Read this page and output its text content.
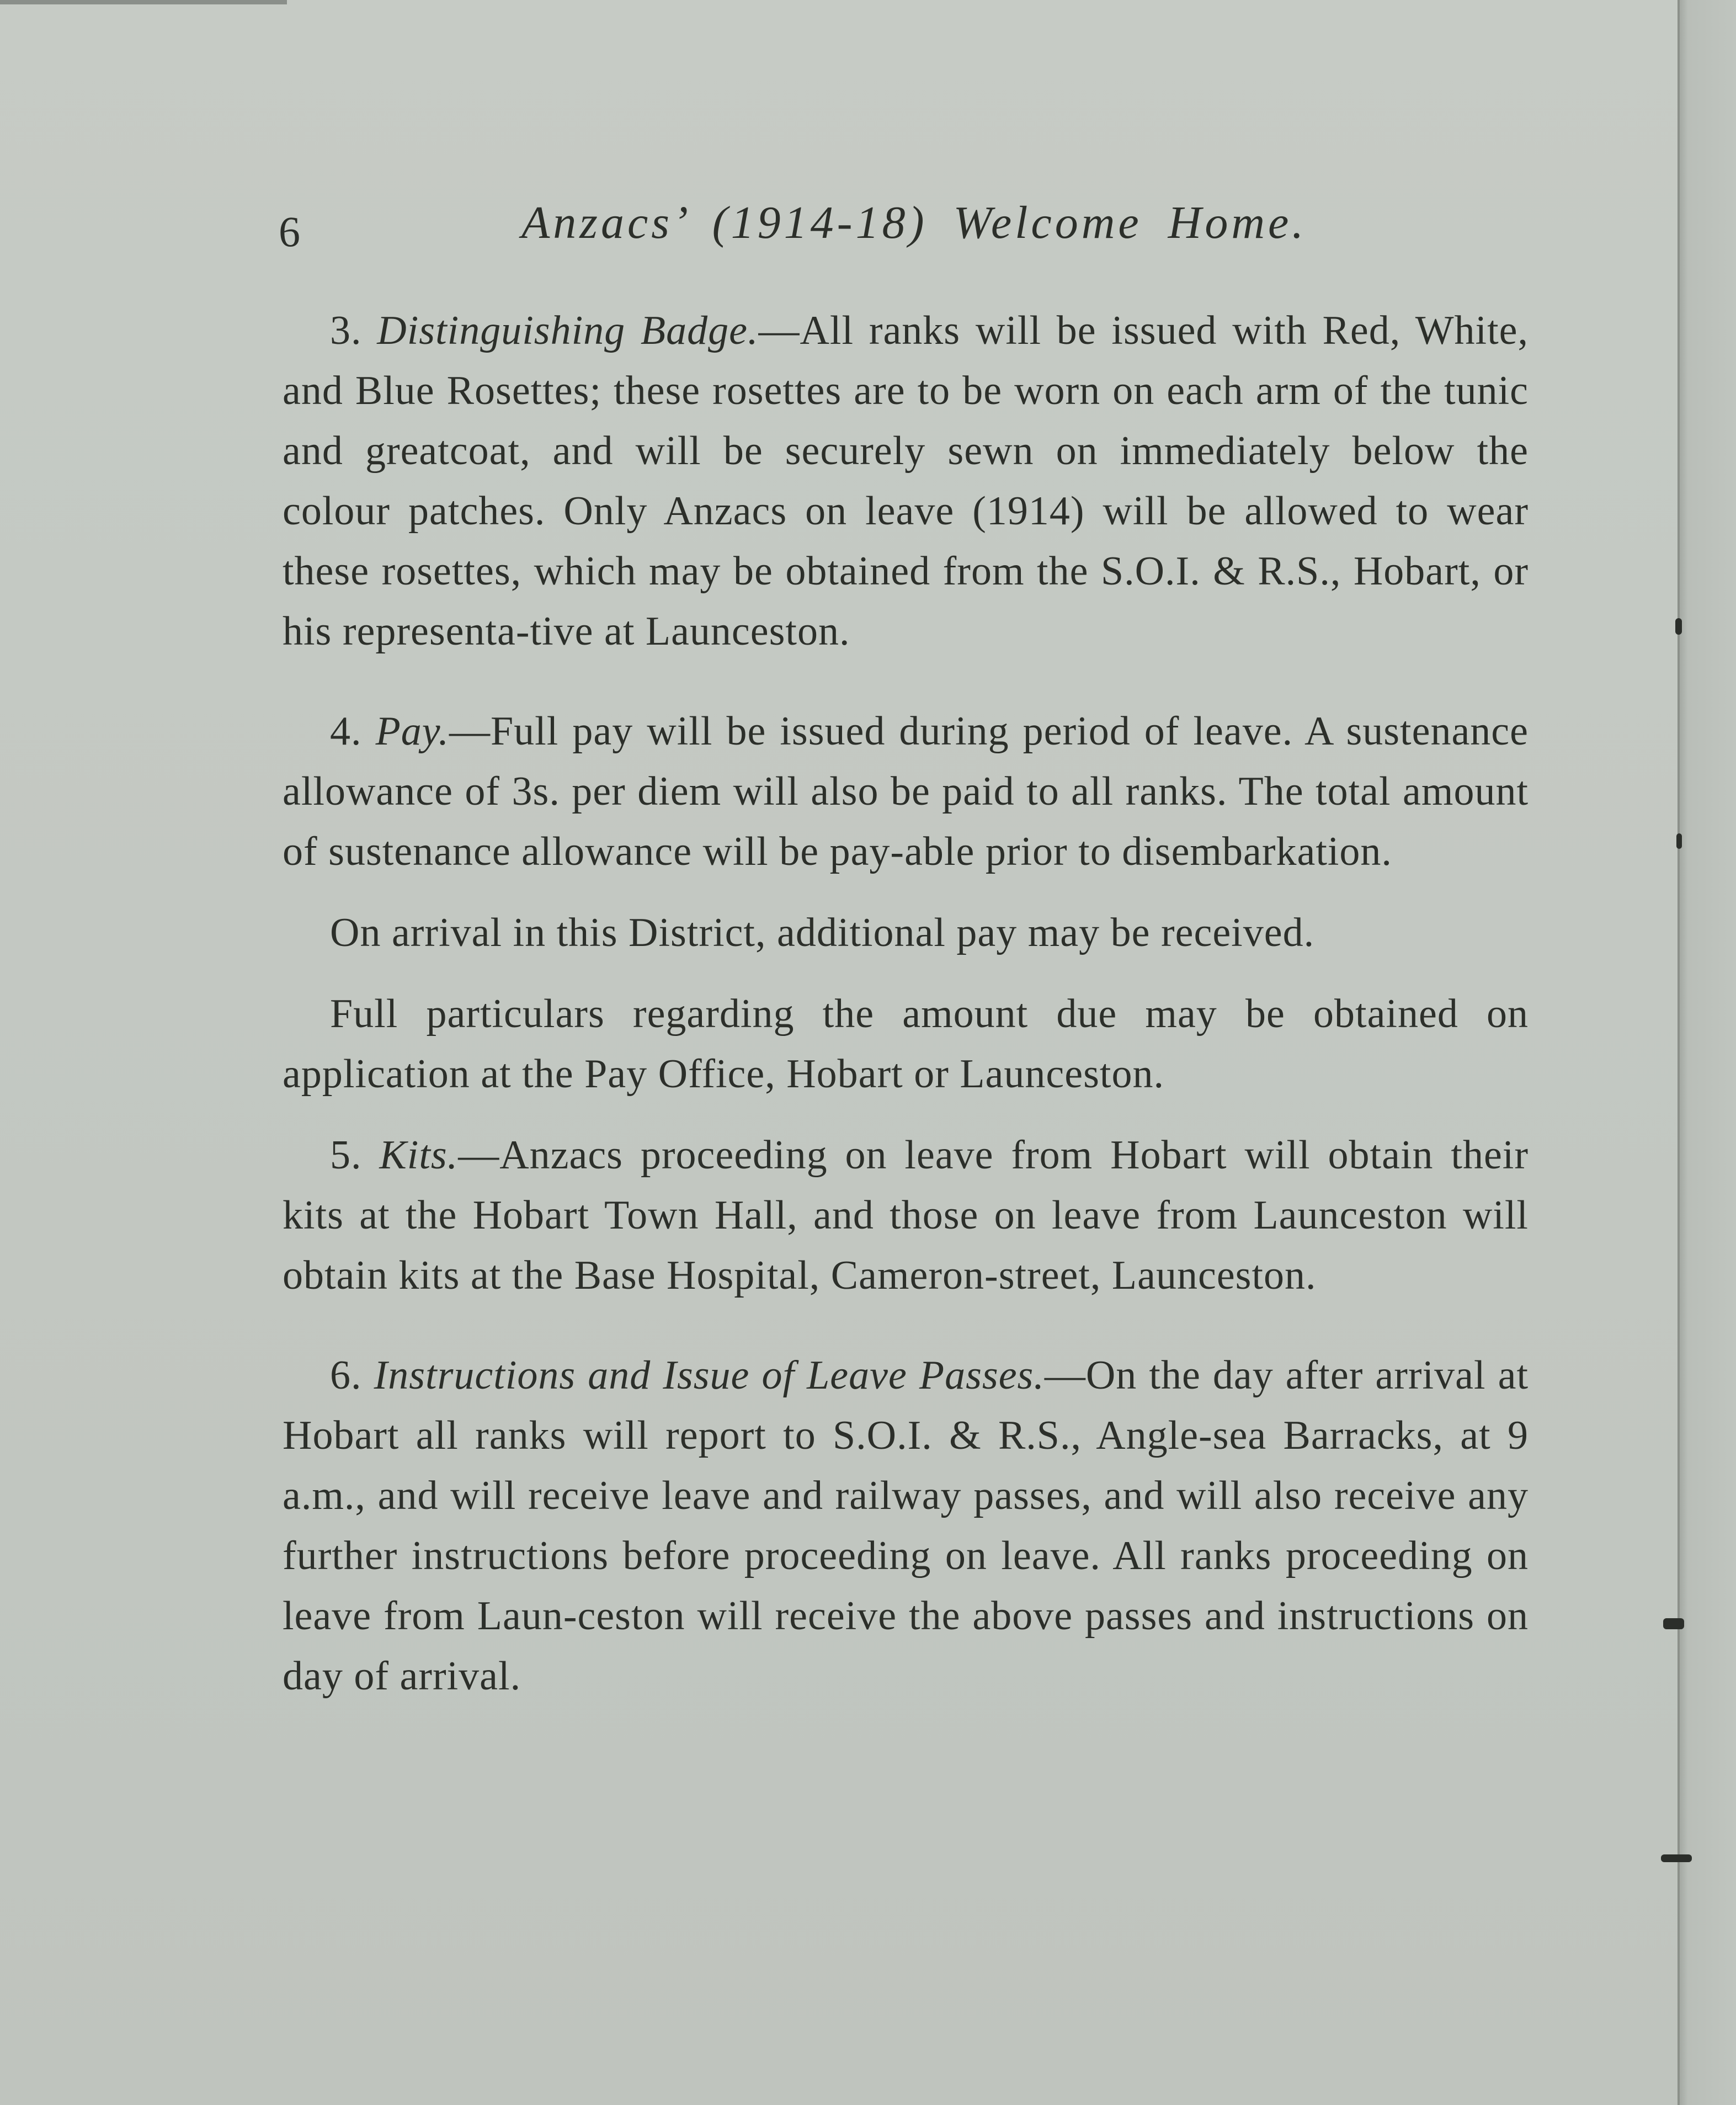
6	Anzacs’ (1914-18) Welcome Home.

3. Distinguishing Badge.—All ranks will be issued with Red, White, and Blue Rosettes; these rosettes are to be worn on each arm of the tunic and greatcoat, and will be securely sewn on immediately below the colour patches. Only Anzacs on leave (1914) will be allowed to wear these rosettes, which may be obtained from the S.O.I. & R.S., Hobart, or his representa-tive at Launceston.

4. Pay.—Full pay will be issued during period of leave. A sustenance allowance of 3s. per diem will also be paid to all ranks. The total amount of sustenance allowance will be pay-able prior to disembarkation.

On arrival in this District, additional pay may be received.

Full particulars regarding the amount due may be obtained on application at the Pay Office, Hobart or Launceston.

5. Kits.—Anzacs proceeding on leave from Hobart will obtain their kits at the Hobart Town Hall, and those on leave from Launceston will obtain kits at the Base Hospital, Cameron-street, Launceston.

6. Instructions and Issue of Leave Passes.—On the day after arrival at Hobart all ranks will report to S.O.I. & R.S., Angle-sea Barracks, at 9 a.m., and will receive leave and railway passes, and will also receive any further instructions before proceeding on leave. All ranks proceeding on leave from Laun-ceston will receive the above passes and instructions on day of arrival.
